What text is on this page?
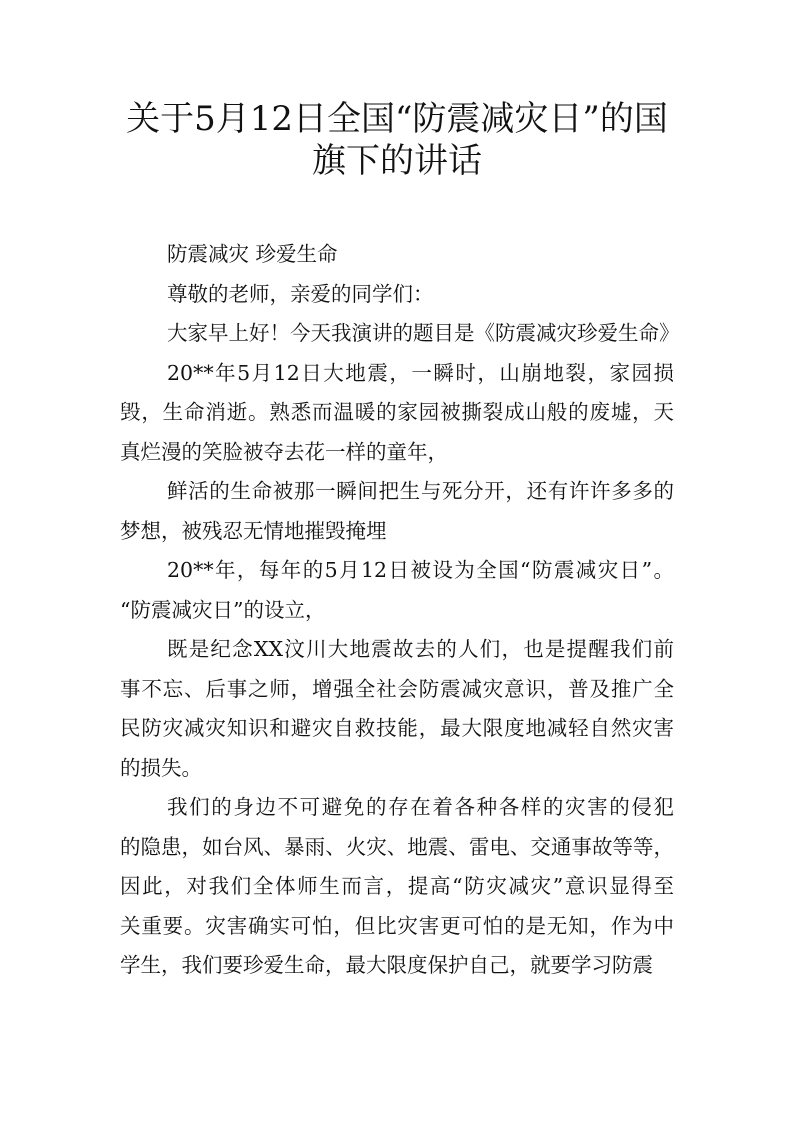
关于5月12日全国“防震减灾日”的国
旗下的讲话
防震减灾 珍爱生命
尊敬的老师，亲爱的同学们：
大家早上好！今天我演讲的题目是《防震减灾珍爱生命》
20**年5月12日大地震，一瞬时，山崩地裂，家园损
毁，生命消逝。熟悉而温暖的家园被撕裂成山般的废墟，天
真烂漫的笑脸被夺去花一样的童年，
鲜活的生命被那一瞬间把生与死分开，还有许许多多的
梦想，被残忍无情地摧毁掩埋
20**年，每年的5月12日被设为全国“防震减灾日”。
“防震减灾日”的设立，
既是纪念XX汶川大地震故去的人们，也是提醒我们前
事不忘、后事之师，增强全社会防震减灾意识，普及推广全
民防灾减灾知识和避灾自救技能，最大限度地减轻自然灾害
的损失。
我们的身边不可避免的存在着各种各样的灾害的侵犯
的隐患，如台风、暴雨、火灾、地震、雷电、交通事故等等，
因此，对我们全体师生而言，提高“防灾减灾”意识显得至
关重要。灾害确实可怕，但比灾害更可怕的是无知，作为中
学生，我们要珍爱生命，最大限度保护自己，就要学习防震
